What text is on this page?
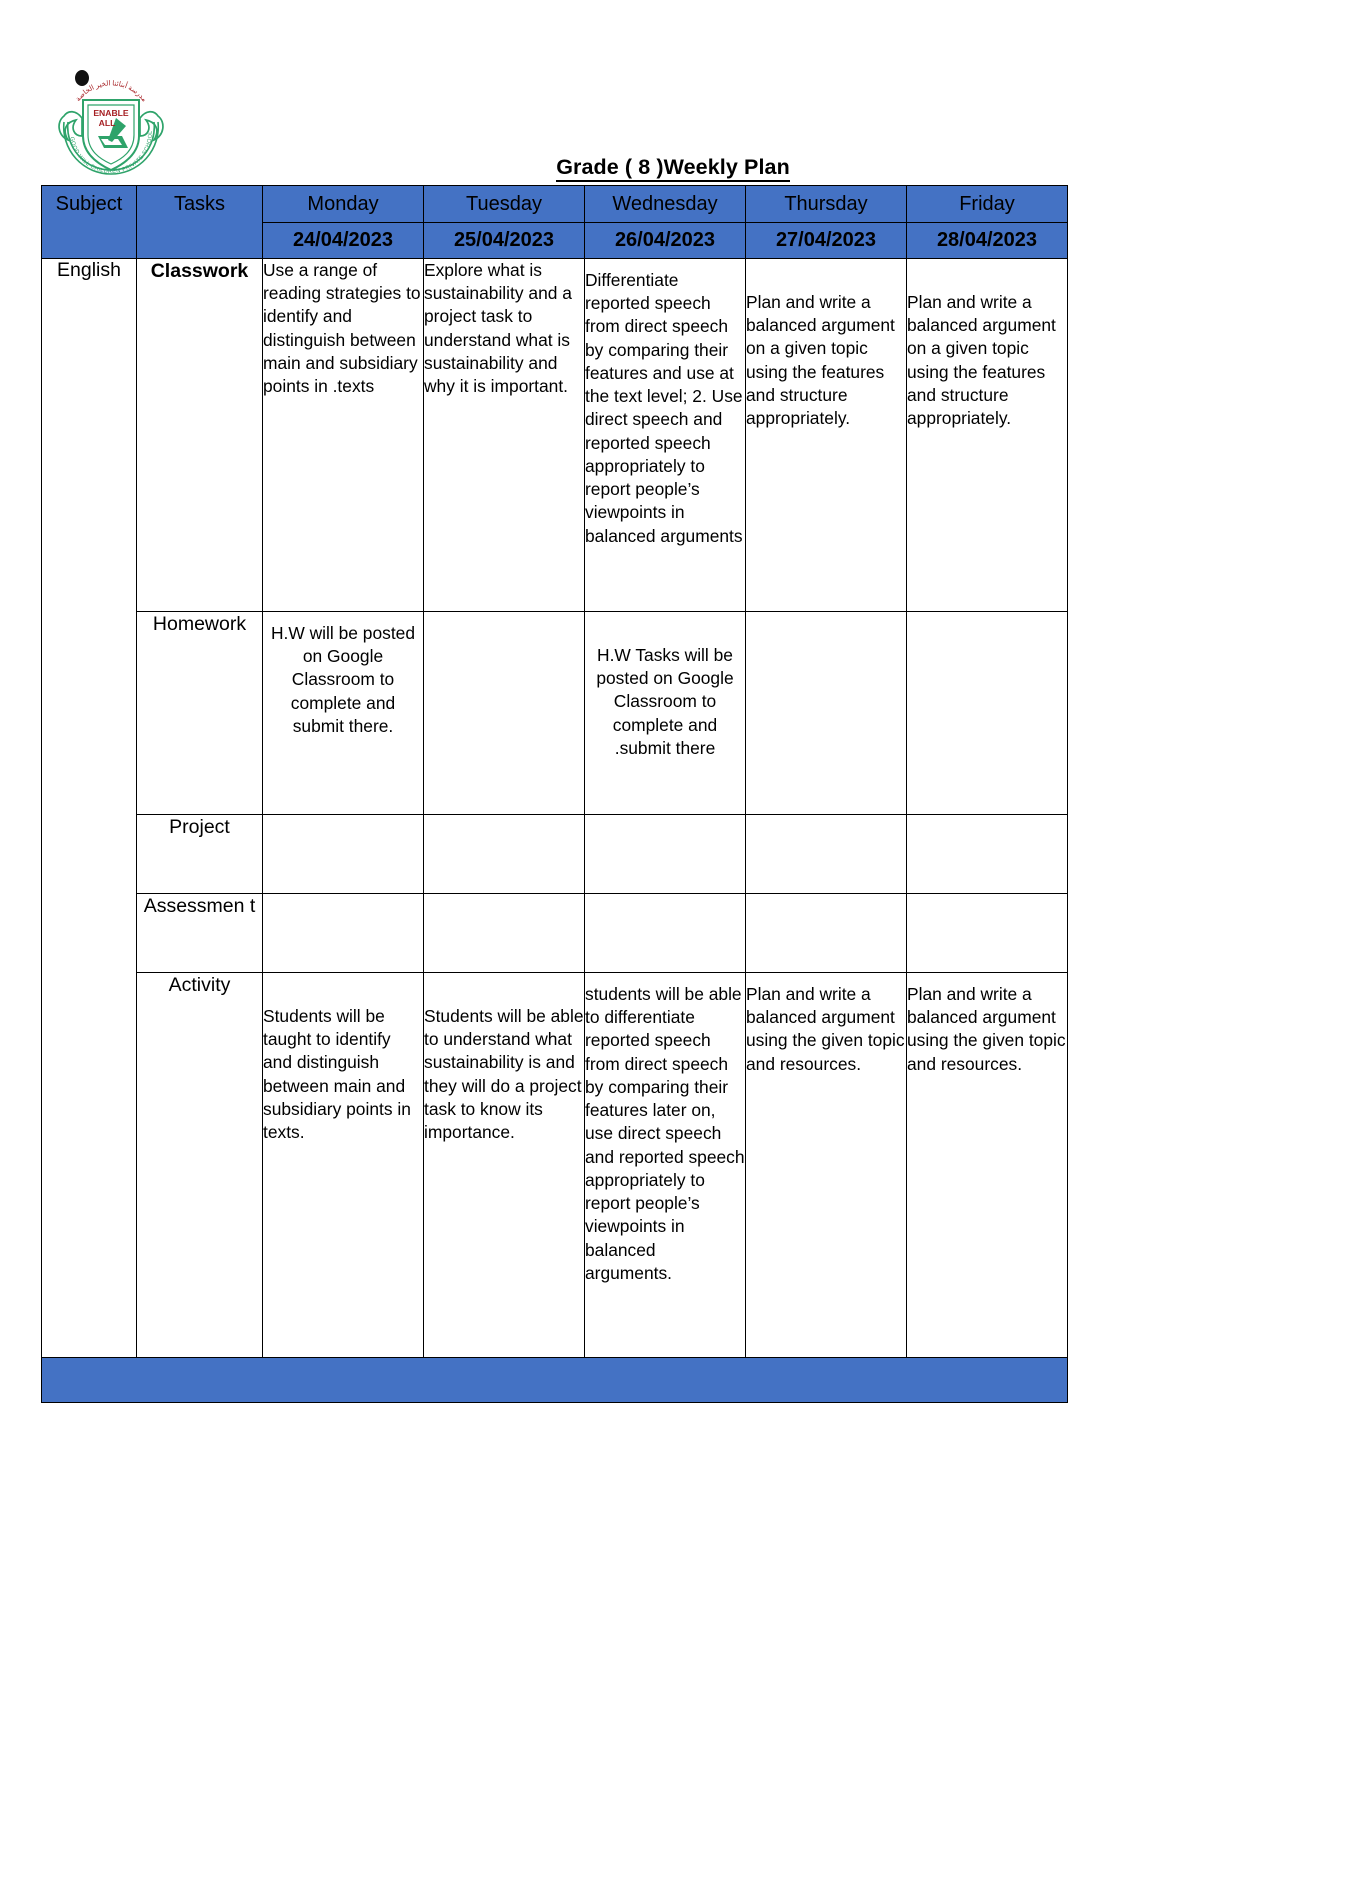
مدرسة أبنائنا الخير الخاصة
GOOD WILL CHILDREN PRIVATE SCHOOL
ENABLE
ALL
Grade ( 8 )Weekly Plan
Subject	Tasks	Monday	Tuesday	Wednesday	Thursday	Friday
		24/04/2023	25/04/2023	26/04/2023	27/04/2023	28/04/2023
English	Classwork	Use a range of reading strategies to identify and distinguish between main and subsidiary points in .texts	Explore what is sustainability and a project task to understand what is sustainability and why it is important.	Differentiate reported speech from direct speech by comparing their features and use at the text level; 2. Use direct speech and reported speech appropriately to report people’s viewpoints in balanced arguments	Plan and write a balanced argument on a given topic using the features and structure appropriately.	Plan and write a balanced argument on a given topic using the features and structure appropriately.
	Homework	H.W will be posted on Google Classroom to complete and submit there.		H.W Tasks will be posted on Google Classroom to complete and .submit there		
	Project					
	Assessmen t					
	Activity	Students will be taught to identify and distinguish between main and subsidiary points in texts.	Students will be able to understand what sustainability is and they will do a project task to know its importance.	students will be able to differentiate reported speech from direct speech by comparing their features later on, use direct speech and reported speech appropriately to report people’s viewpoints in balanced arguments.	Plan and write a balanced argument using the given topic and resources.	Plan and write a balanced argument using the given topic and resources.
